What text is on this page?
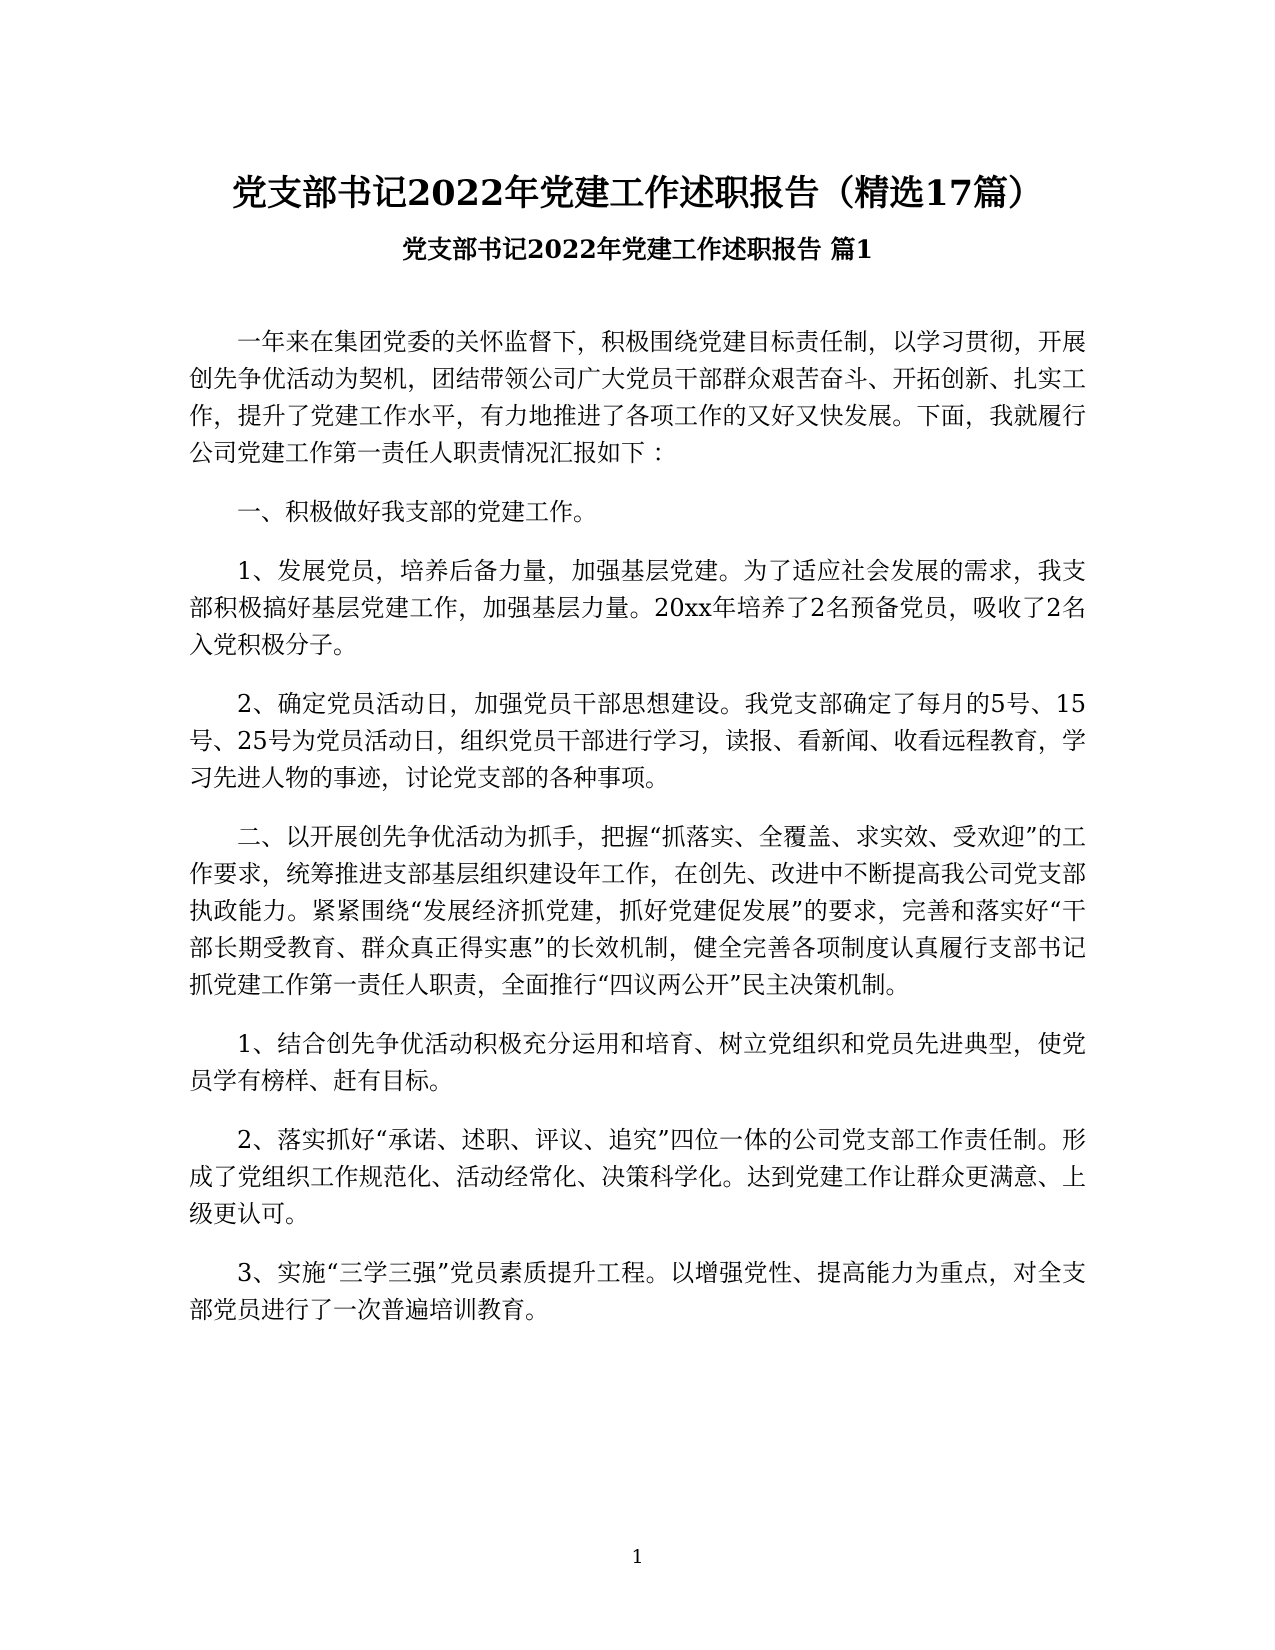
党支部书记2022年党建工作述职报告（精选17篇）
党支部书记2022年党建工作述职报告 篇1

一年来在集团党委的关怀监督下，积极围绕党建目标责任制，以学习贯彻，开展创先争优活动为契机，团结带领公司广大党员干部群众艰苦奋斗、开拓创新、扎实工作，提升了党建工作水平，有力地推进了各项工作的又好又快发展。下面，我就履行公司党建工作第一责任人职责情况汇报如下 ：

一、积极做好我支部的党建工作。

1、发展党员，培养后备力量，加强基层党建。为了适应社会发展的需求，我支部积极搞好基层党建工作，加强基层力量。20xx年培养了2名预备党员，吸收了2名入党积极分子。

2、确定党员活动日，加强党员干部思想建设。我党支部确定了每月的5号、15号、25号为党员活动日，组织党员干部进行学习，读报、看新闻、收看远程教育，学习先进人物的事迹，讨论党支部的各种事项。

二、以开展创先争优活动为抓手，把握“抓落实、全覆盖、求实效、受欢迎”的工作要求，统筹推进支部基层组织建设年工作，在创先、改进中不断提高我公司党支部执政能力。紧紧围绕“发展经济抓党建，抓好党建促发展”的要求，完善和落实好“干部长期受教育、群众真正得实惠”的长效机制，健全完善各项制度认真履行支部书记抓党建工作第一责任人职责，全面推行“四议两公开”民主决策机制。

1、结合创先争优活动积极充分运用和培育、树立党组织和党员先进典型，使党员学有榜样、赶有目标。

2、落实抓好“承诺、述职、评议、追究”四位一体的公司党支部工作责任制。形成了党组织工作规范化、活动经常化、决策科学化。达到党建工作让群众更满意、上级更认可。

3、实施“三学三强”党员素质提升工程。以增强党性、提高能力为重点，对全支部党员进行了一次普遍培训教育。

1
